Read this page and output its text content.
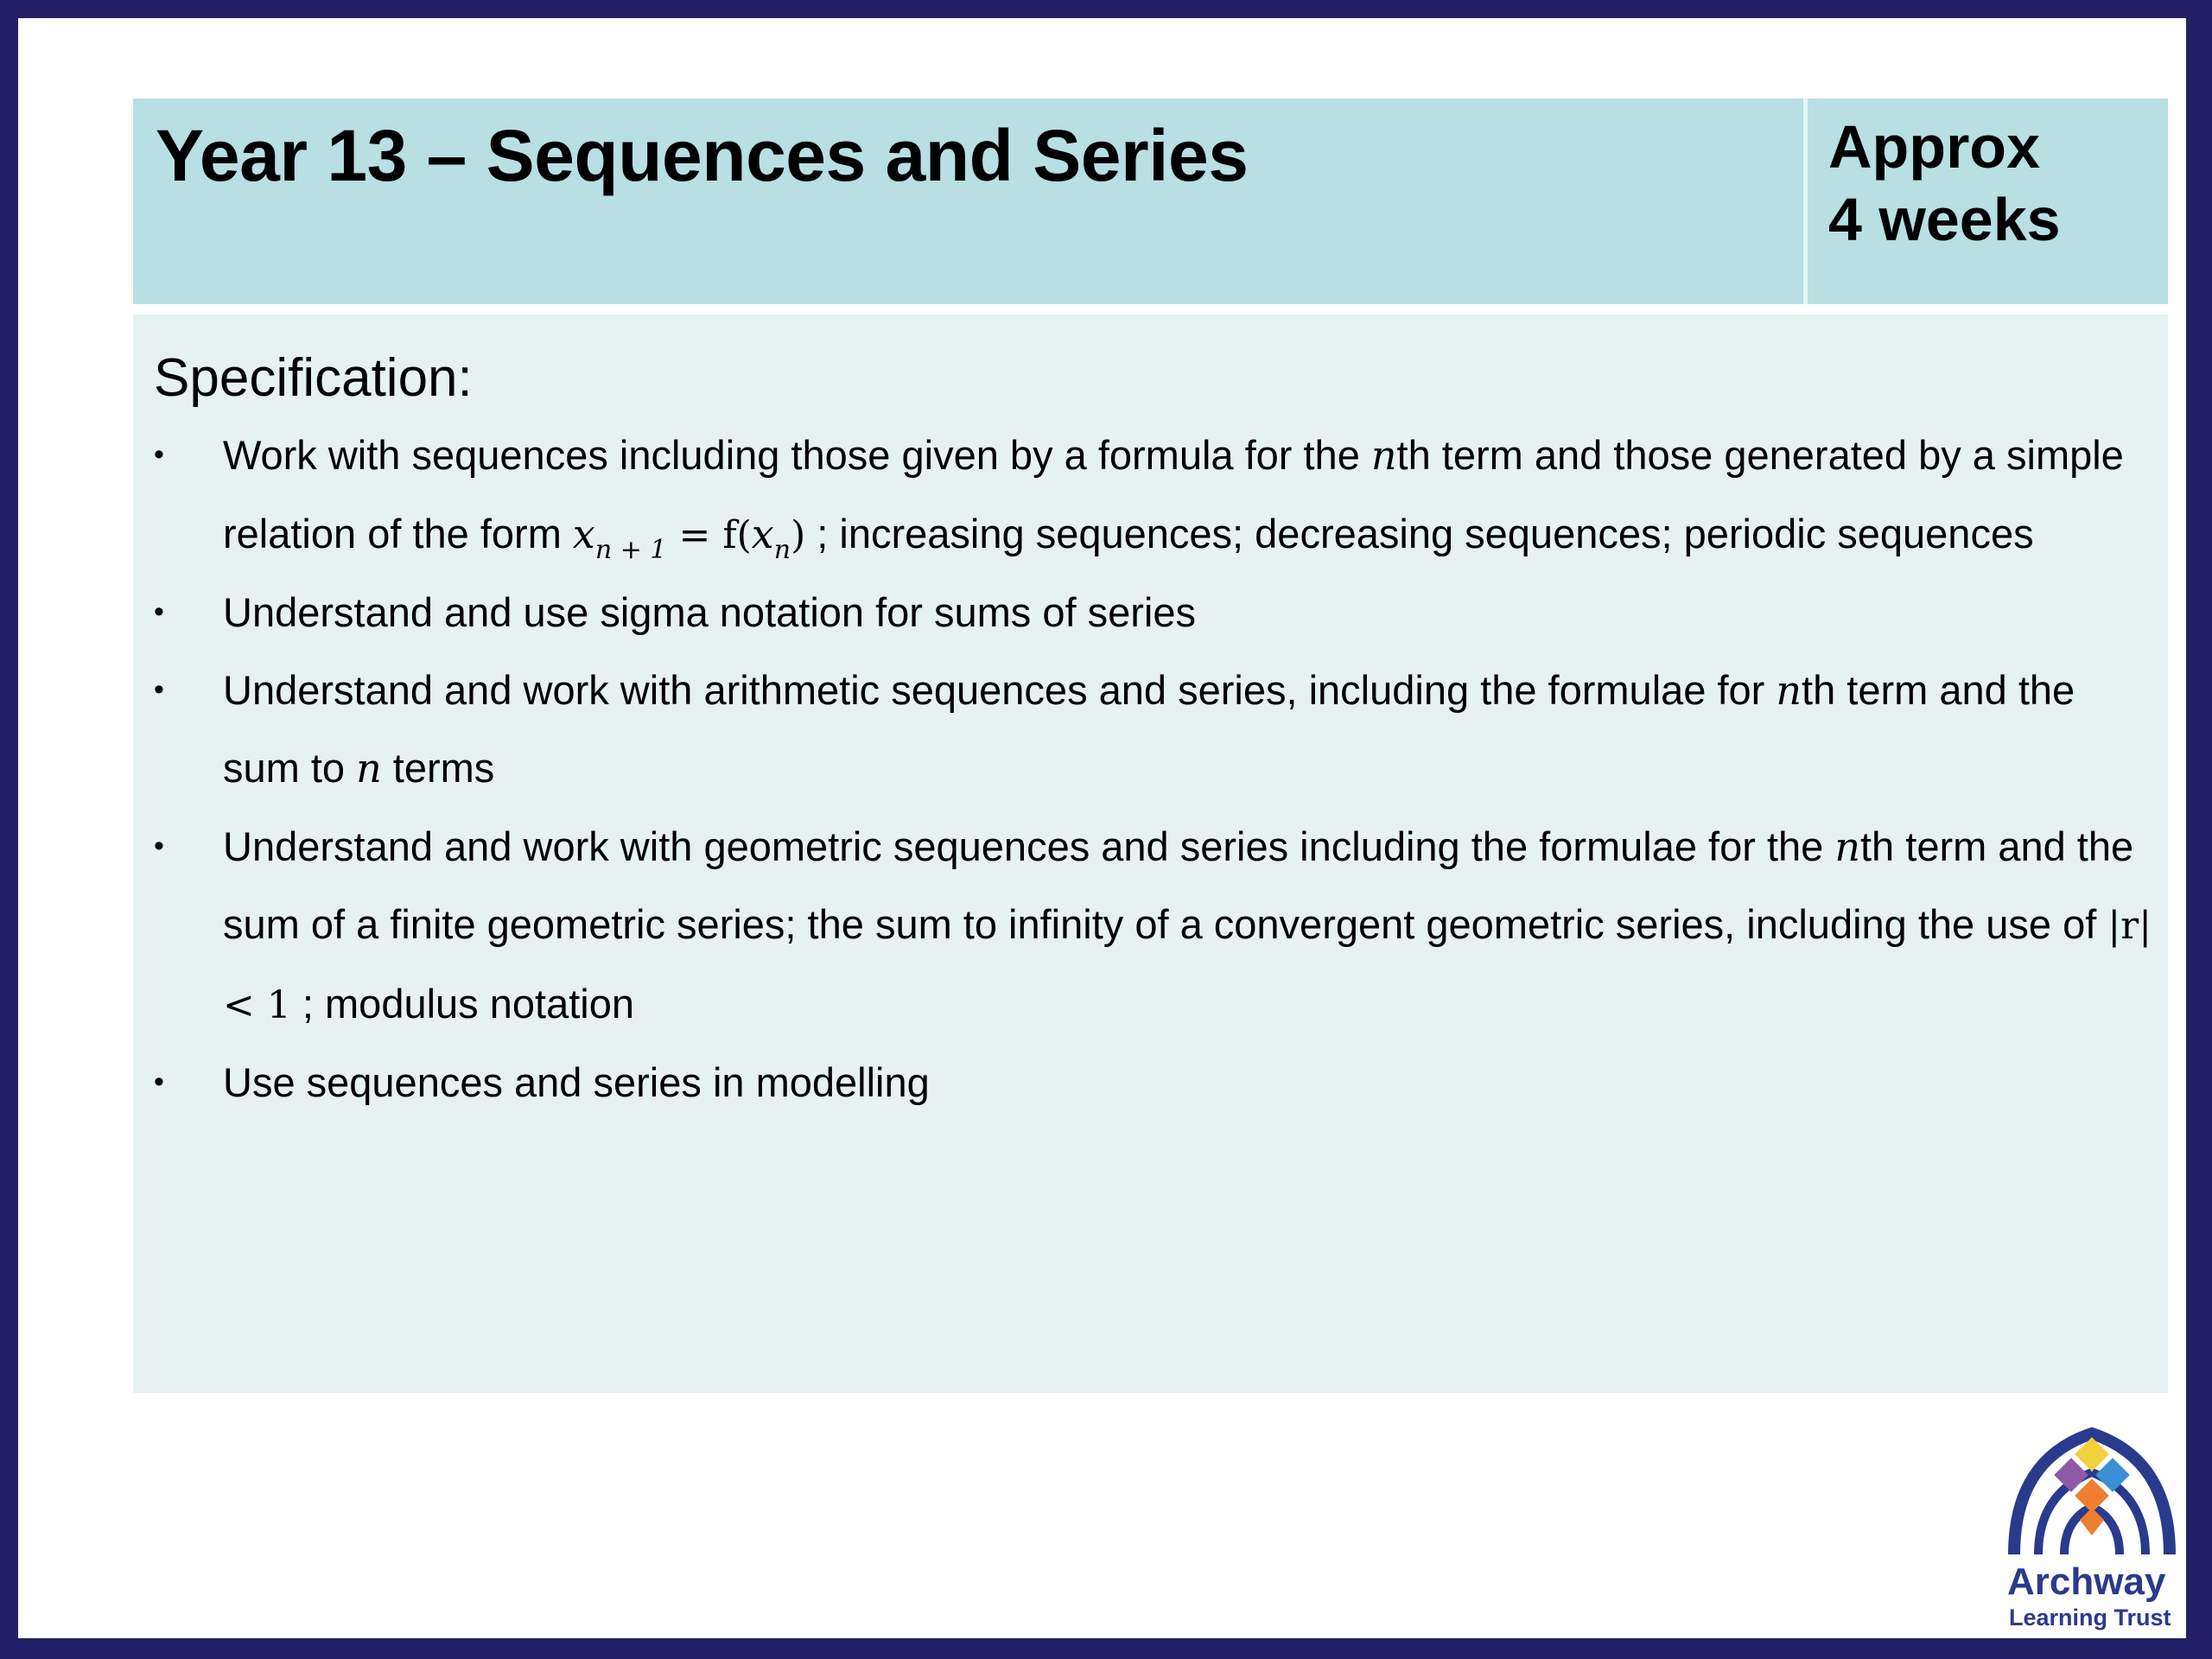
Year 13 – Sequences and Series	Approx
4 weeks
Specification:
• Work with sequences including those given by a formula for the nth term and those generated by a simple relation of the form $x_{n + 1} = f(x_n)$ ; increasing sequences; decreasing sequences; periodic sequences
• Understand and use sigma notation for sums of series
• Understand and work with arithmetic sequences and series, including the formulae for nth term and the sum to n terms
• Understand and work with geometric sequences and series including the formulae for the nth term and the sum of a finite geometric series; the sum to infinity of a convergent geometric series, including the use of |r| < 1 ; modulus notation
• Use sequences and series in modelling
Archway
Learning Trust
